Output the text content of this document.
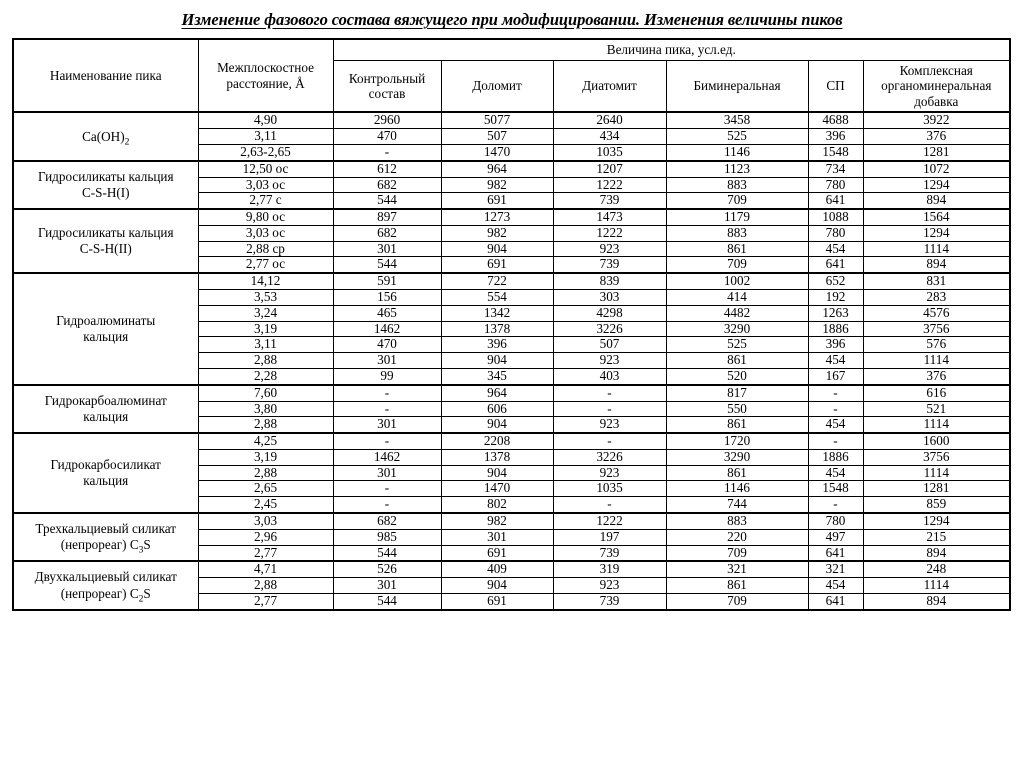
Изменение фазового состава вяжущего при модифицировании. Изменения величины пиков
Наименование пика	Межплоскостное расстояние, Å	Величина пика, усл.ед.					
		Контрольный состав	Доломит	Диатомит	Биминеральная	СП	Комплексная органоминеральная добавка

$Ca(OH)_2$	4,90	2960	5077	2640	3458	4688	3922
	3,11	470	507	434	525	396	376
	2,63-2,65	-	1470	1035	1146	1548	1281

Гидросиликаты кальция
C-S-H(I)	12,50 ос	612	964	1207	1123	734	1072
	3,03 ос	682	982	1222	883	780	1294
	2,77 с	544	691	739	709	641	894

Гидросиликаты кальция
C-S-H(II)	9,80 ос	897	1273	1473	1179	1088	1564
	3,03 ос	682	982	1222	883	780	1294
	2,88 ср	301	904	923	861	454	1114
	2,77 ос	544	691	739	709	641	894

Гидроалюминаты
кальция	14,12	591	722	839	1002	652	831
	3,53	156	554	303	414	192	283
	3,24	465	1342	4298	4482	1263	4576
	3,19	1462	1378	3226	3290	1886	3756
	3,11	470	396	507	525	396	576
	2,88	301	904	923	861	454	1114
	2,28	99	345	403	520	167	376

Гидрокарбоалюминат
кальция	7,60	-	964	-	817	-	616
	3,80	-	606	-	550	-	521
	2,88	301	904	923	861	454	1114

Гидрокарбосиликат
кальция	4,25	-	2208	-	1720	-	1600
	3,19	1462	1378	3226	3290	1886	3756
	2,88	301	904	923	861	454	1114
	2,65	-	1470	1035	1146	1548	1281
	2,45	-	802	-	744	-	859

Трехкальциевый силикат
(непрореаг) $C_3S$	3,03	682	982	1222	883	780	1294
	2,96	985	301	197	220	497	215
	2,77	544	691	739	709	641	894

Двухкальциевый силикат
(непрореаг) $C_2S$	4,71	526	409	319	321	321	248
	2,88	301	904	923	861	454	1114
	2,77	544	691	739	709	641	894
